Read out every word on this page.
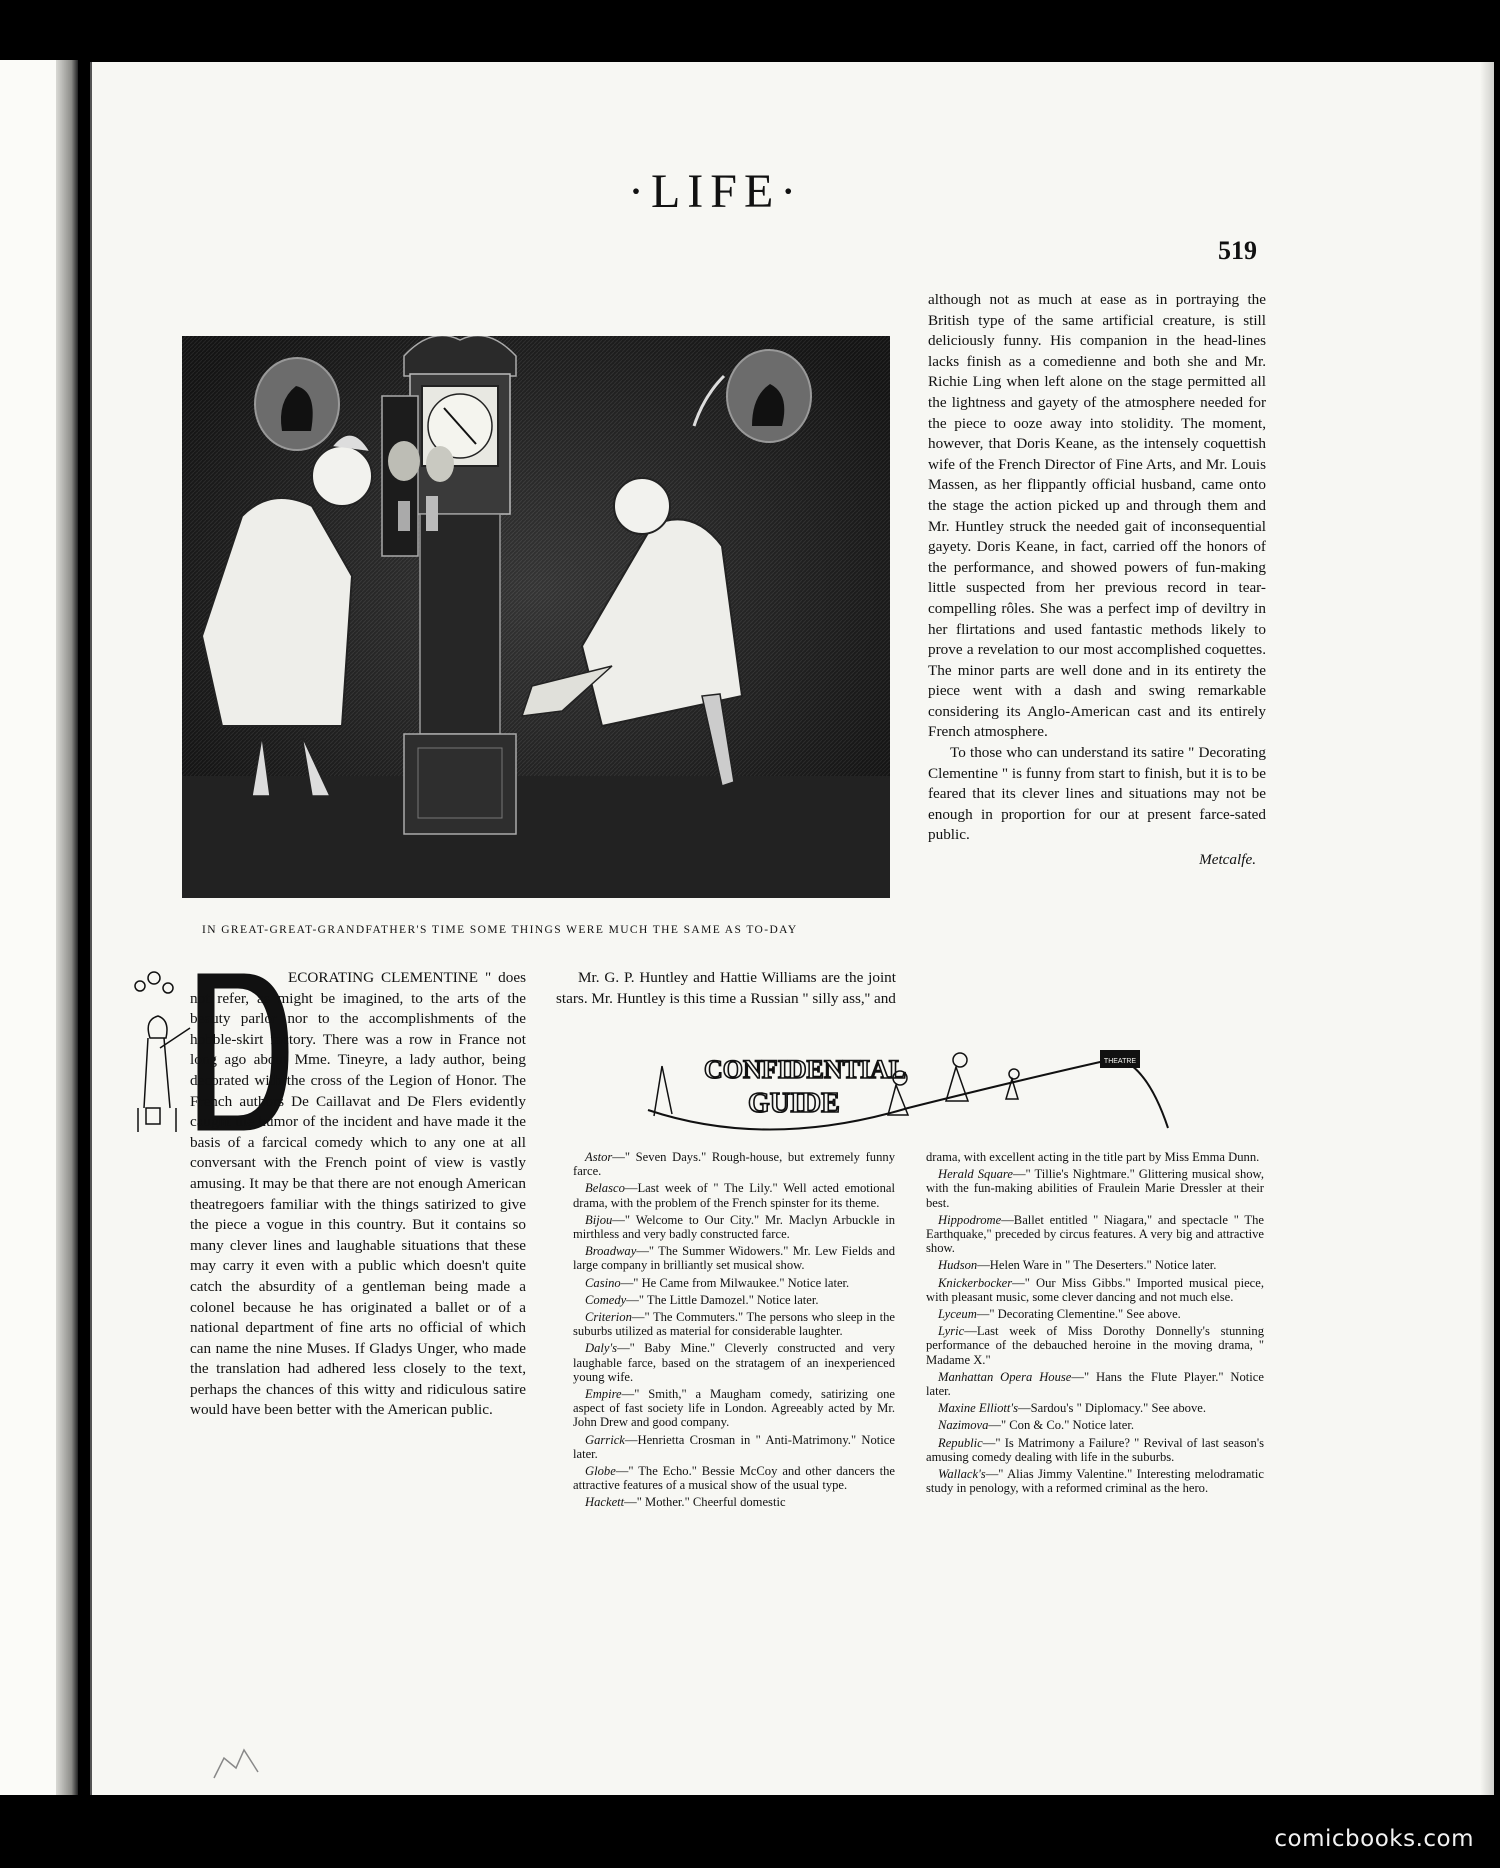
·LIFE·
519
IN GREAT-GREAT-GRANDFATHER'S TIME SOME THINGS WERE MUCH THE SAME AS TO-DAY

ECORATING CLEMENTINE " does not refer, as might be imagined, to the arts of the beauty parlor nor to the accomplishments of the hobble-skirt factory. There was a row in France not long ago about Mme. Tineyre, a lady author, being decorated with the cross of the Legion of Honor. The French authors De Caillavat and De Flers evidently caught the humor of the incident and have made it the basis of a farcical comedy which to any one at all conversant with the French point of view is vastly amusing. It may be that there are not enough American theatregoers familiar with the things satirized to give the piece a vogue in this country. But it contains so many clever lines and laughable situations that these may carry it even with a public which doesn't quite catch the absurdity of a gentleman being made a colonel because he has originated a ballet or of a national department of fine arts no official of which can name the nine Muses. If Gladys Unger, who made the translation had adhered less closely to the text, perhaps the chances of this witty and ridiculous satire would have been better with the American public.

Mr. G. P. Huntley and Hattie Williams are the joint stars. Mr. Huntley is this time a Russian " silly ass,'' and

although not as much at ease as in portraying the British type of the same artificial creature, is still deliciously funny. His companion in the head-lines lacks finish as a comedienne and both she and Mr. Richie Ling when left alone on the stage permitted all the lightness and gayety of the atmosphere needed for the piece to ooze away into stolidity. The moment, however, that Doris Keane, as the intensely coquettish wife of the French Director of Fine Arts, and Mr. Louis Massen, as her flippantly official husband, came onto the stage the action picked up and through them and Mr. Huntley struck the needed gait of inconsequential gayety. Doris Keane, in fact, carried off the honors of the performance, and showed powers of fun-making little suspected from her previous record in tear-compelling rôles. She was a perfect imp of deviltry in her flirtations and used fantastic methods likely to prove a revelation to our most accomplished coquettes. The minor parts are well done and in its entirety the piece went with a dash and swing remarkable considering its Anglo-American cast and its entirely French atmosphere.

To those who can understand its satire " Decorating Clementine " is funny from start to finish, but it is to be feared that its clever lines and situations may not be enough in proportion for our at present farce-sated public.

Metcalfe.
THEATRE
CONFIDENTIAL
GUIDE

Astor—" Seven Days." Rough-house, but extremely funny farce.

Belasco—Last week of " The Lily." Well acted emotional drama, with the problem of the French spinster for its theme.

Bijou—" Welcome to Our City." Mr. Maclyn Arbuckle in mirthless and very badly constructed farce.

Broadway—" The Summer Widowers." Mr. Lew Fields and large company in brilliantly set musical show.

Casino—" He Came from Milwaukee." Notice later.

Comedy—" The Little Damozel." Notice later.

Criterion—" The Commuters." The persons who sleep in the suburbs utilized as material for considerable laughter.

Daly's—" Baby Mine." Cleverly constructed and very laughable farce, based on the stratagem of an inexperienced young wife.

Empire—" Smith," a Maugham comedy, satirizing one aspect of fast society life in London. Agreeably acted by Mr. John Drew and good company.

Garrick—Henrietta Crosman in " Anti-Matrimony." Notice later.

Globe—" The Echo." Bessie McCoy and other dancers the attractive features of a musical show of the usual type.

Hackett—" Mother." Cheerful domestic

drama, with excellent acting in the title part by Miss Emma Dunn.

Herald Square—" Tillie's Nightmare." Glittering musical show, with the fun-making abilities of Fraulein Marie Dressler at their best.

Hippodrome—Ballet entitled " Niagara," and spectacle " The Earthquake," preceded by circus features. A very big and attractive show.

Hudson—Helen Ware in " The Deserters." Notice later.

Knickerbocker—" Our Miss Gibbs." Imported musical piece, with pleasant music, some clever dancing and not much else.

Lyceum—" Decorating Clementine." See above.

Lyric—Last week of Miss Dorothy Donnelly's stunning performance of the debauched heroine in the moving drama, " Madame X."

Manhattan Opera House—" Hans the Flute Player." Notice later.

Maxine Elliott's—Sardou's " Diplomacy." See above.

Nazimova—" Con & Co." Notice later.

Republic—" Is Matrimony a Failure? " Revival of last season's amusing comedy dealing with life in the suburbs.

Wallack's—" Alias Jimmy Valentine." Interesting melodramatic study in penology, with a reformed criminal as the hero.

comicbooks.com
